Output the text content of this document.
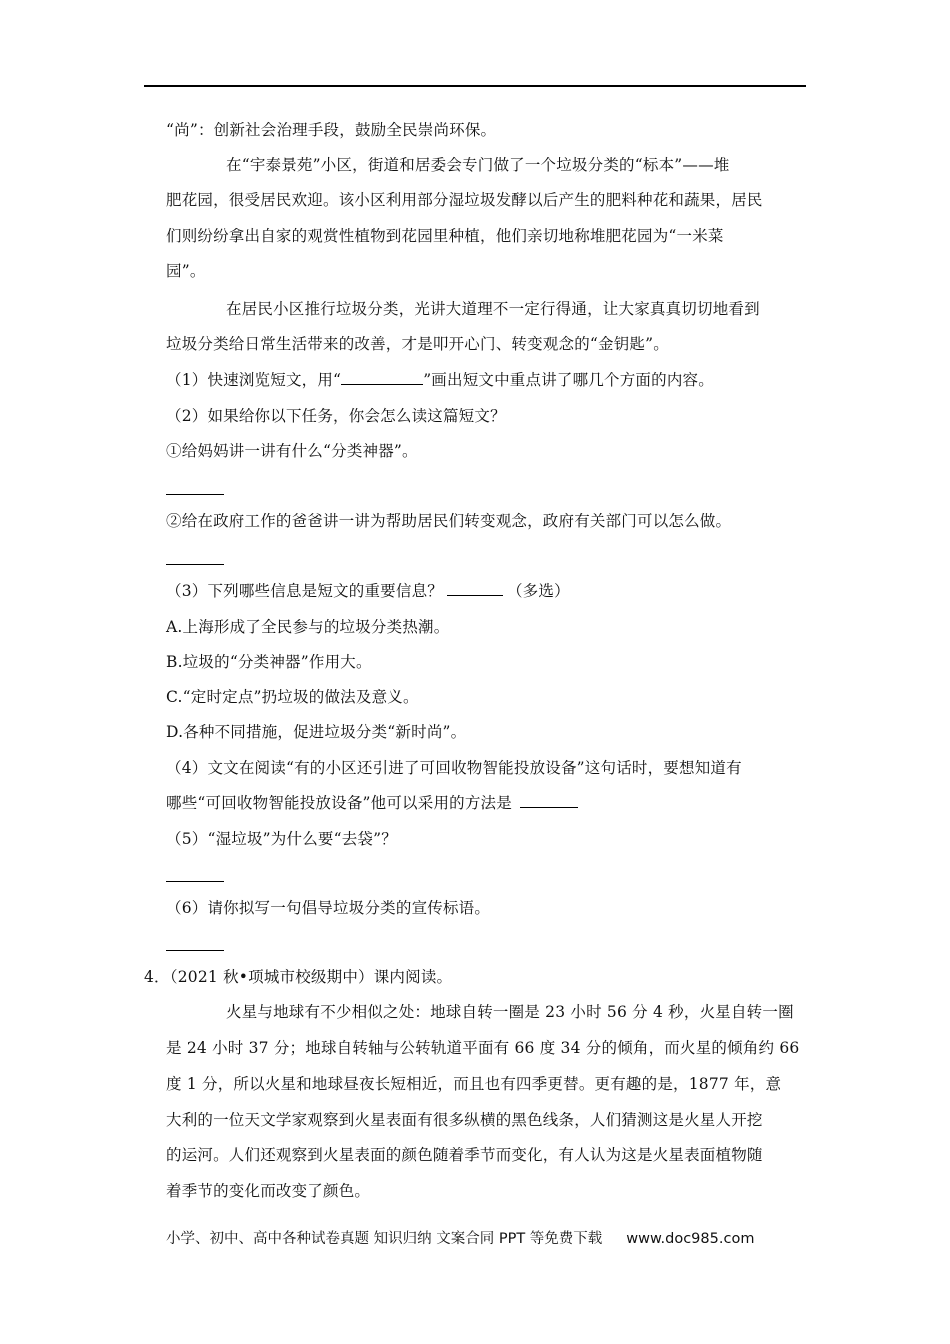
“尚”：创新社会治理手段，鼓励全民崇尚环保。
在“宇泰景苑”小区，街道和居委会专门做了一个垃圾分类的“标本”——堆
肥花园，很受居民欢迎。该小区利用部分湿垃圾发酵以后产生的肥料种花和蔬果，居民
们则纷纷拿出自家的观赏性植物到花园里种植，他们亲切地称堆肥花园为“一米菜
园”。
在居民小区推行垃圾分类，光讲大道理不一定行得通，让大家真真切切地看到
垃圾分类给日常生活带来的改善，才是叩开心门、转变观念的“金钥匙”。
（1）快速浏览短文，用“	”画出短文中重点讲了哪几个方面的内容。
（2）如果给你以下任务，你会怎么读这篇短文？
①给妈妈讲一讲有什么“分类神器”。
②给在政府工作的爸爸讲一讲为帮助居民们转变观念，政府有关部门可以怎么做。
（3）下列哪些信息是短文的重要信息？	（多选）
A.上海形成了全民参与的垃圾分类热潮。
B.垃圾的“分类神器”作用大。
C.“定时定点”扔垃圾的做法及意义。
D.各种不同措施，促进垃圾分类“新时尚”。
（4）文文在阅读“有的小区还引进了可回收物智能投放设备”这句话时，要想知道有
哪些“可回收物智能投放设备”他可以采用的方法是
（5）“湿垃圾”为什么要“去袋”？
（6）请你拟写一句倡导垃圾分类的宣传标语。
4．（2021 秋•项城市校级期中）课内阅读。
火星与地球有不少相似之处：地球自转一圈是 23 小时 56 分 4 秒，火星自转一圈
是 24 小时 37 分；地球自转轴与公转轨道平面有 66 度 34 分的倾角，而火星的倾角约 66
度 1 分，所以火星和地球昼夜长短相近，而且也有四季更替。更有趣的是，1877 年，意
大利的一位天文学家观察到火星表面有很多纵横的黑色线条，人们猜测这是火星人开挖
的运河。人们还观察到火星表面的颜色随着季节而变化，有人认为这是火星表面植物随
着季节的变化而改变了颜色。
小学、初中、高中各种试卷真题 知识归纳 文案合同 PPT 等免费下载 www.doc985.com
